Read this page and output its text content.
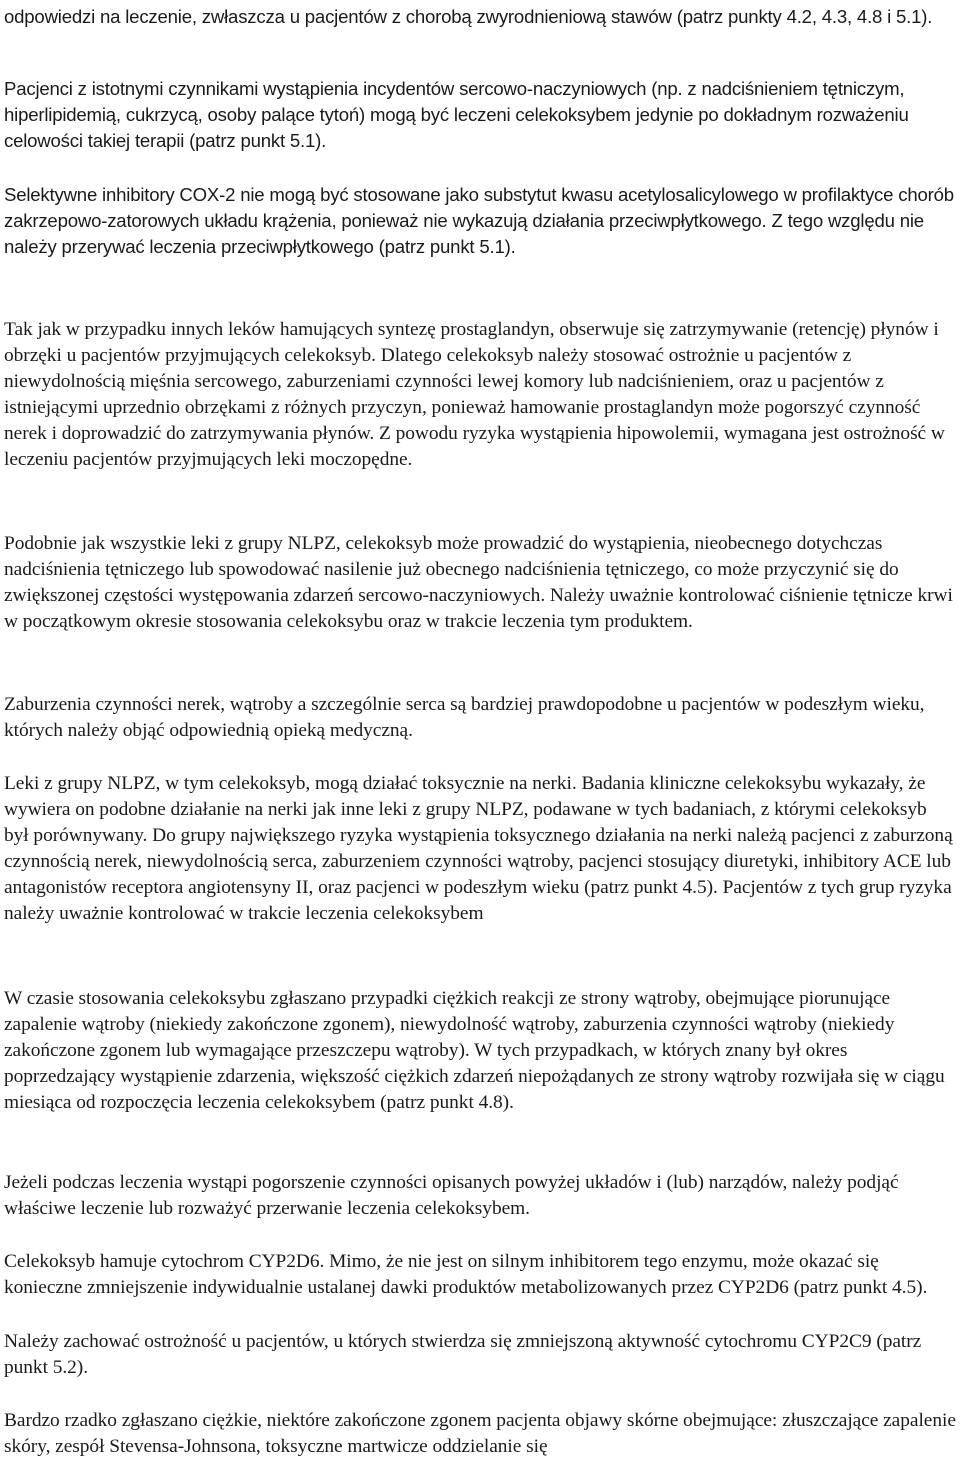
odpowiedzi na leczenie, zwłaszcza u pacjentów z chorobą zwyrodnieniową stawów (patrz punkty 4.2, 4.3, 4.8 i 5.1).

Pacjenci z istotnymi czynnikami wystąpienia incydentów sercowo-naczyniowych (np. z nadciśnieniem tętniczym, hiperlipidemią, cukrzycą, osoby palące tytoń) mogą być leczeni celekoksybem jedynie po dokładnym rozważeniu celowości takiej terapii (patrz punkt 5.1).

Selektywne inhibitory COX-2 nie mogą być stosowane jako substytut kwasu acetylosalicylowego w profilaktyce chorób zakrzepowo-zatorowych układu krążenia, ponieważ nie wykazują działania przeciwpłytkowego. Z tego względu nie należy przerywać leczenia przeciwpłytkowego (patrz punkt 5.1).

Tak jak w przypadku innych leków hamujących syntezę prostaglandyn, obserwuje się zatrzymywanie (retencję) płynów i obrzęki u pacjentów przyjmujących celekoksyb. Dlatego celekoksyb należy stosować ostrożnie u pacjentów z niewydolnością mięśnia sercowego, zaburzeniami czynności lewej komory lub nadciśnieniem, oraz u pacjentów z istniejącymi uprzednio obrzękami z różnych przyczyn, ponieważ hamowanie prostaglandyn może pogorszyć czynność nerek i doprowadzić do zatrzymywania płynów. Z powodu ryzyka wystąpienia hipowolemii, wymagana jest ostrożność w leczeniu pacjentów przyjmujących leki moczopędne.

Podobnie jak wszystkie leki z grupy NLPZ, celekoksyb może prowadzić do wystąpienia, nieobecnego dotychczas nadciśnienia tętniczego lub spowodować nasilenie już obecnego nadciśnienia tętniczego, co może przyczynić się do zwiększonej częstości występowania zdarzeń sercowo-naczyniowych. Należy uważnie kontrolować ciśnienie tętnicze krwi w początkowym okresie stosowania celekoksybu oraz w trakcie leczenia tym produktem.

Zaburzenia czynności nerek, wątroby a szczególnie serca są bardziej prawdopodobne u pacjentów w podeszłym wieku, których należy objąć odpowiednią opieką medyczną.

Leki z grupy NLPZ, w tym celekoksyb, mogą działać toksycznie na nerki. Badania kliniczne celekoksybu wykazały, że wywiera on podobne działanie na nerki jak inne leki z grupy NLPZ, podawane w tych badaniach, z którymi celekoksyb był porównywany. Do grupy największego ryzyka wystąpienia toksycznego działania na nerki należą pacjenci z zaburzoną czynnością nerek, niewydolnością serca, zaburzeniem czynności wątroby, pacjenci stosujący diuretyki, inhibitory ACE lub antagonistów receptora angiotensyny II, oraz pacjenci w podeszłym wieku (patrz punkt 4.5). Pacjentów z tych grup ryzyka należy uważnie kontrolować w trakcie leczenia celekoksybem

W czasie stosowania celekoksybu zgłaszano przypadki ciężkich reakcji ze strony wątroby, obejmujące piorunujące zapalenie wątroby (niekiedy zakończone zgonem), niewydolność wątroby, zaburzenia czynności wątroby (niekiedy zakończone zgonem lub wymagające przeszczepu wątroby). W tych przypadkach, w których znany był okres poprzedzający wystąpienie zdarzenia, większość ciężkich zdarzeń niepożądanych ze strony wątroby rozwijała się w ciągu miesiąca od rozpoczęcia leczenia celekoksybem (patrz punkt 4.8).

Jeżeli podczas leczenia wystąpi pogorszenie czynności opisanych powyżej układów i (lub) narządów, należy podjąć właściwe leczenie lub rozważyć przerwanie leczenia celekoksybem.

Celekoksyb hamuje cytochrom CYP2D6. Mimo, że nie jest on silnym inhibitorem tego enzymu, może okazać się konieczne zmniejszenie indywidualnie ustalanej dawki produktów metabolizowanych przez CYP2D6 (patrz punkt 4.5).

Należy zachować ostrożność u pacjentów, u których stwierdza się zmniejszoną aktywność cytochromu CYP2C9 (patrz punkt 5.2).

Bardzo rzadko zgłaszano ciężkie, niektóre zakończone zgonem pacjenta objawy skórne obejmujące: złuszczające zapalenie skóry, zespół Stevensa-Johnsona, toksyczne martwicze oddzielanie się
